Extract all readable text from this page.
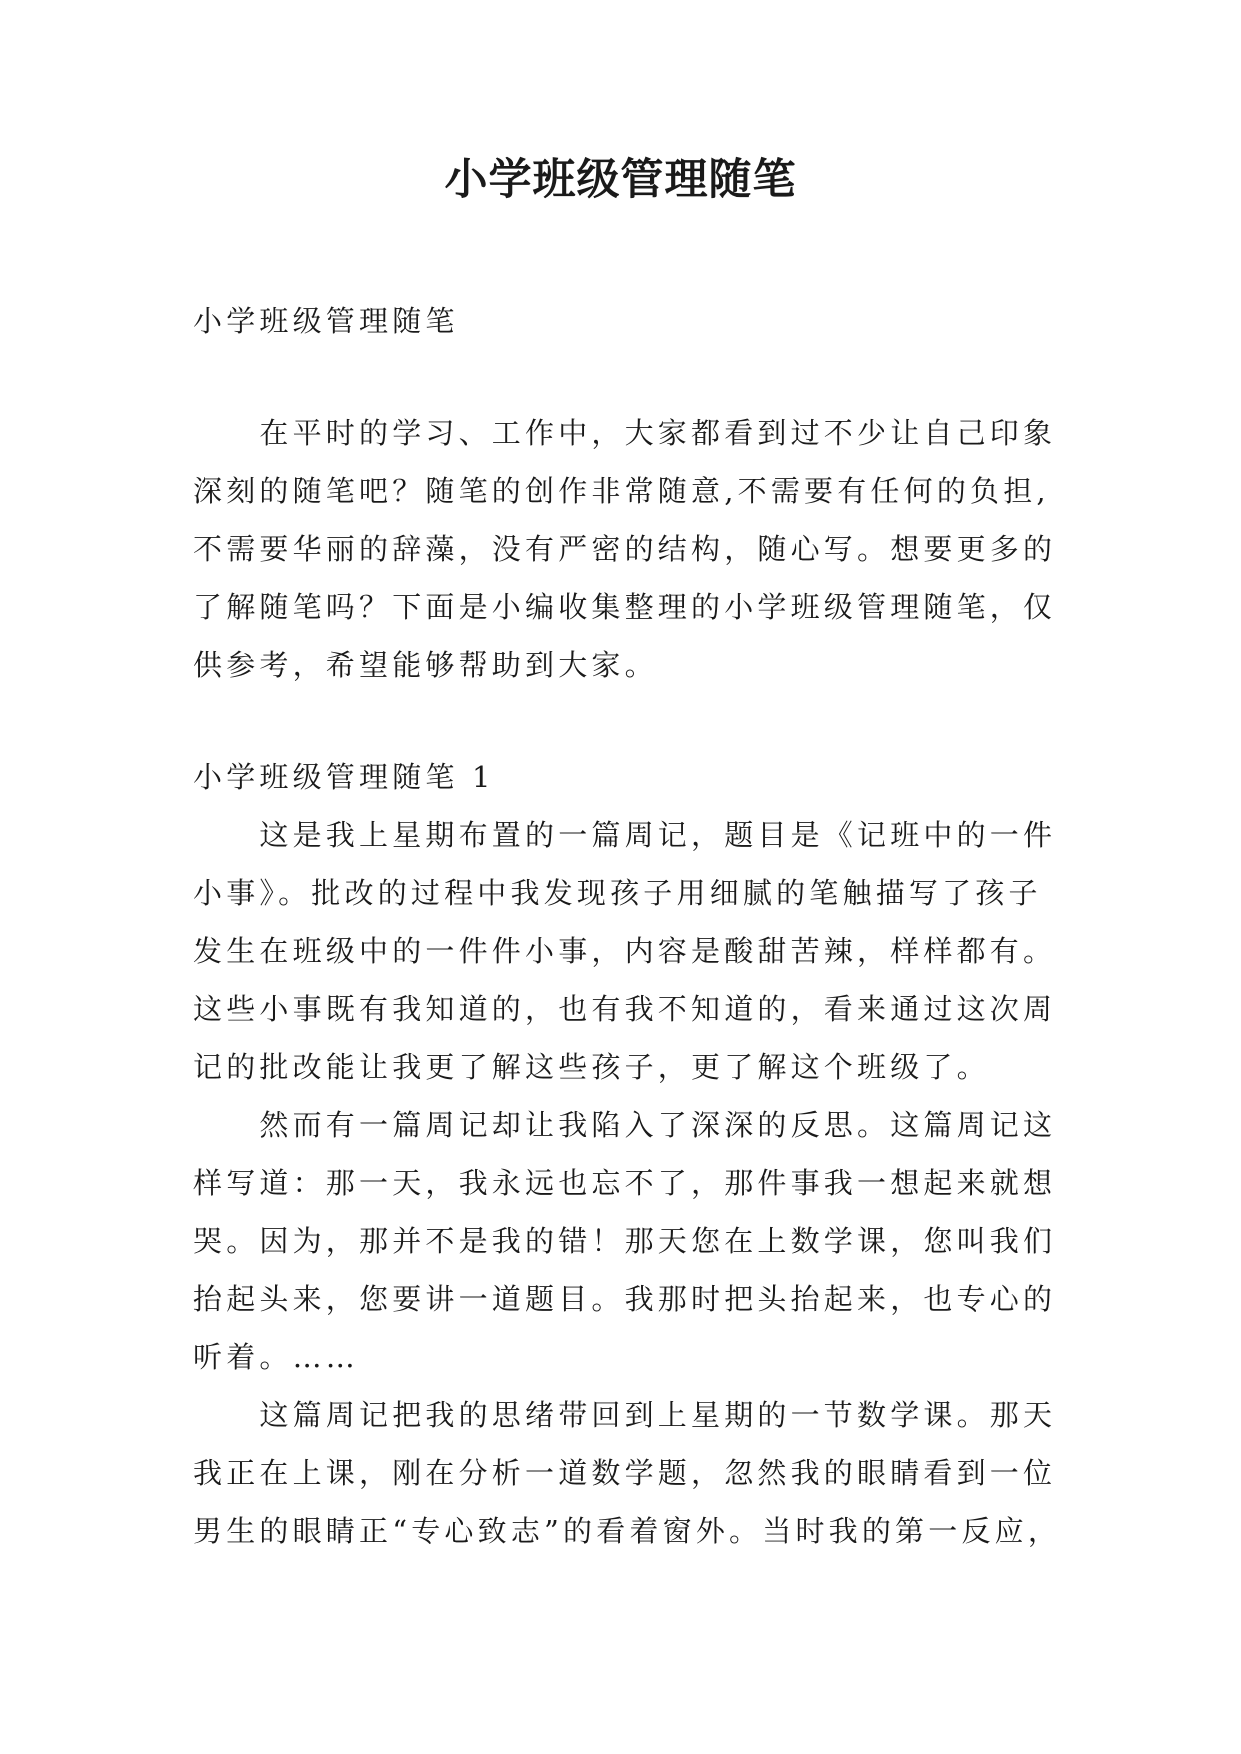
小学班级管理随笔

小学班级管理随笔

　　在平时的学习、工作中，大家都看到过不少让自己印象
深刻的随笔吧？随笔的创作非常随意,不需要有任何的负担,
不需要华丽的辞藻，没有严密的结构，随心写。想要更多的
了解随笔吗？下面是小编收集整理的小学班级管理随笔，仅
供参考，希望能够帮助到大家。

小学班级管理随笔 1

　　这是我上星期布置的一篇周记，题目是《记班中的一件
小事》。批改的过程中我发现孩子用细腻的笔触描写了孩子
发生在班级中的一件件小事，内容是酸甜苦辣，样样都有。
这些小事既有我知道的，也有我不知道的，看来通过这次周
记的批改能让我更了解这些孩子，更了解这个班级了。
　　然而有一篇周记却让我陷入了深深的反思。这篇周记这
样写道：那一天，我永远也忘不了，那件事我一想起来就想
哭。因为，那并不是我的错！那天您在上数学课，您叫我们
抬起头来，您要讲一道题目。我那时把头抬起来，也专心的
听着。……
　　这篇周记把我的思绪带回到上星期的一节数学课。那天
我正在上课，刚在分析一道数学题，忽然我的眼睛看到一位
男生的眼睛正“专心致志”的看着窗外。当时我的第一反应，
